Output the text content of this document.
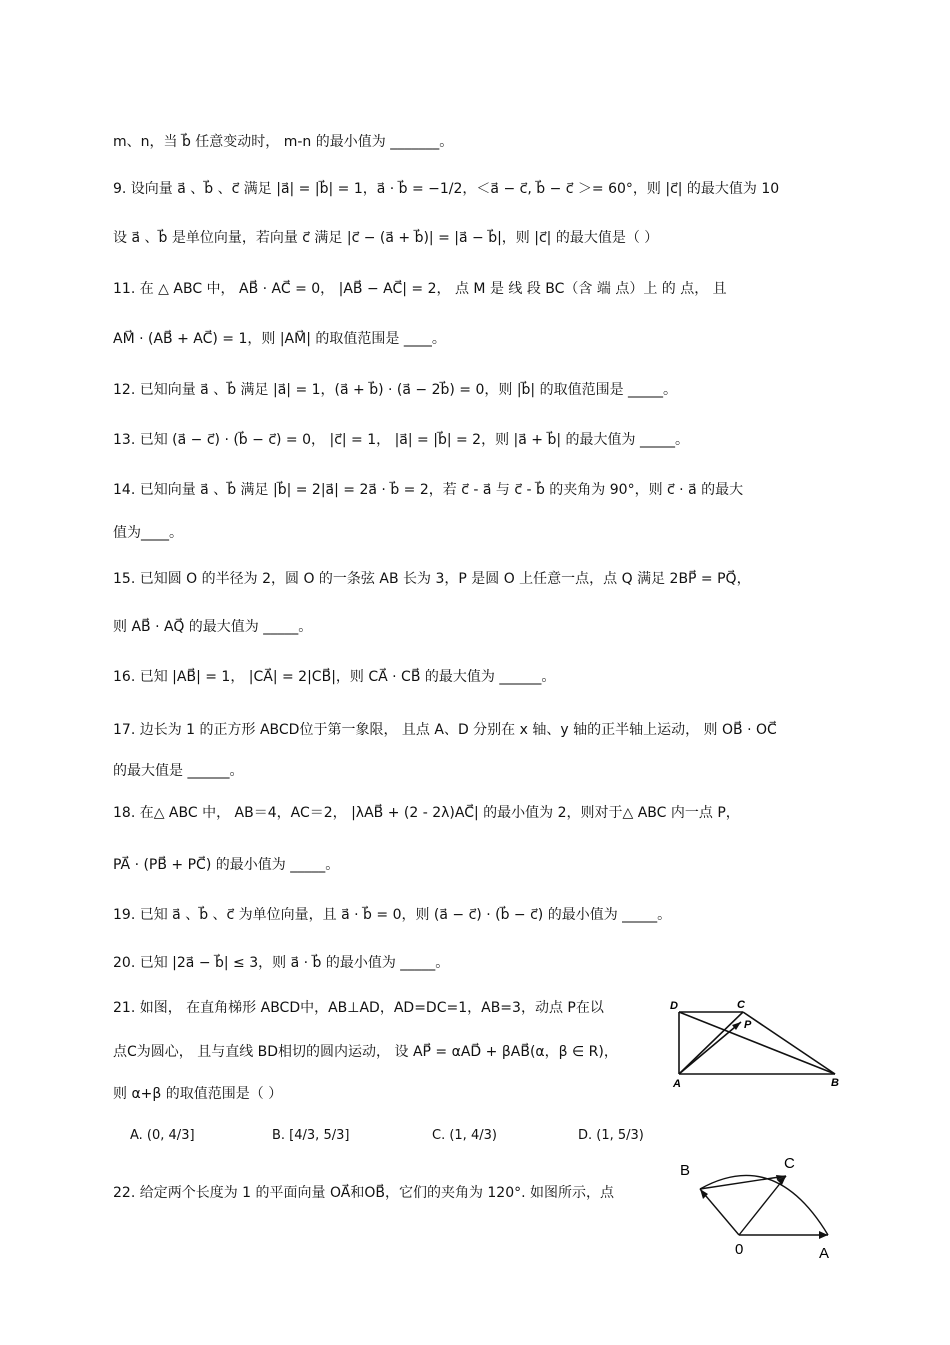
m、n，当 b⃗ 任意变动时， m-n 的最小值为 _______。
9. 设向量 a⃗ 、b⃗ 、c⃗ 满足 |a⃗| = |b⃗| = 1，a⃗ · b⃗ = −1/2，＜a⃗ − c⃗, b⃗ − c⃗ ＞= 60°，则 |c⃗| 的最大值为 10
设 a⃗ 、b⃗ 是单位向量，若向量 c⃗ 满足 |c⃗ − (a⃗ + b⃗)| = |a⃗ − b⃗|，则 |c⃗| 的最大值是（ ）
11. 在 △ ABC 中， AB⃗ · AC⃗ = 0， |AB⃗ − AC⃗| = 2， 点 M 是 线 段 BC（含 端 点）上 的 点， 且
AM⃗ · (AB⃗ + AC⃗) = 1，则 |AM⃗| 的取值范围是 ____。
12. 已知向量 a⃗ 、b⃗ 满足 |a⃗| = 1，(a⃗ + b⃗) · (a⃗ − 2b⃗) = 0，则 |b⃗| 的取值范围是 _____。
13. 已知 (a⃗ − c⃗) · (b⃗ − c⃗) = 0， |c⃗| = 1， |a⃗| = |b⃗| = 2，则 |a⃗ + b⃗| 的最大值为 _____。
14. 已知向量 a⃗ 、b⃗ 满足 |b⃗| = 2|a⃗| = 2a⃗ · b⃗ = 2，若 c⃗ - a⃗ 与 c⃗ - b⃗ 的夹角为 90°，则 c⃗ · a⃗ 的最大
值为____。
15. 已知圆 O 的半径为 2，圆 O 的一条弦 AB 长为 3，P 是圆 O 上任意一点，点 Q 满足 2BP⃗ = PQ⃗，
则 AB⃗ · AQ⃗ 的最大值为 _____。
16. 已知 |AB⃗| = 1， |CA⃗| = 2|CB⃗|，则 CA⃗ · CB⃗ 的最大值为 ______。
17. 边长为 1 的正方形 ABCD位于第一象限， 且点 A、D 分别在 x 轴、y 轴的正半轴上运动， 则 OB⃗ · OC⃗
的最大值是 ______。
18. 在△ ABC 中， AB＝4，AC＝2， |λAB⃗ + (2 - 2λ)AC⃗| 的最小值为 2，则对于△ ABC 内一点 P，
PA⃗ · (PB⃗ + PC⃗) 的最小值为 _____。
19. 已知 a⃗ 、b⃗ 、c⃗ 为单位向量，且 a⃗ · b⃗ = 0，则 (a⃗ − c⃗) · (b⃗ − c⃗) 的最小值为 _____。
20. 已知 |2a⃗ − b⃗| ≤ 3，则 a⃗ · b⃗ 的最小值为 _____。
21. 如图， 在直角梯形 ABCD中，AB⊥AD，AD=DC=1，AB=3，动点 P在以
点C为圆心， 且与直线 BD相切的圆内运动， 设 AP⃗ = αAD⃗ + βAB⃗(α，β ∈ R)，
则 α+β 的取值范围是（ ）
22. 给定两个长度为 1 的平面向量 OA⃗和OB⃗，它们的夹角为 120°. 如图所示，点
A. (0, 4/3]	B. [4/3, 5/3]	C. (1, 4/3)	D. (1, 5/3)
D	C
P
A	B
B	C
0	A
